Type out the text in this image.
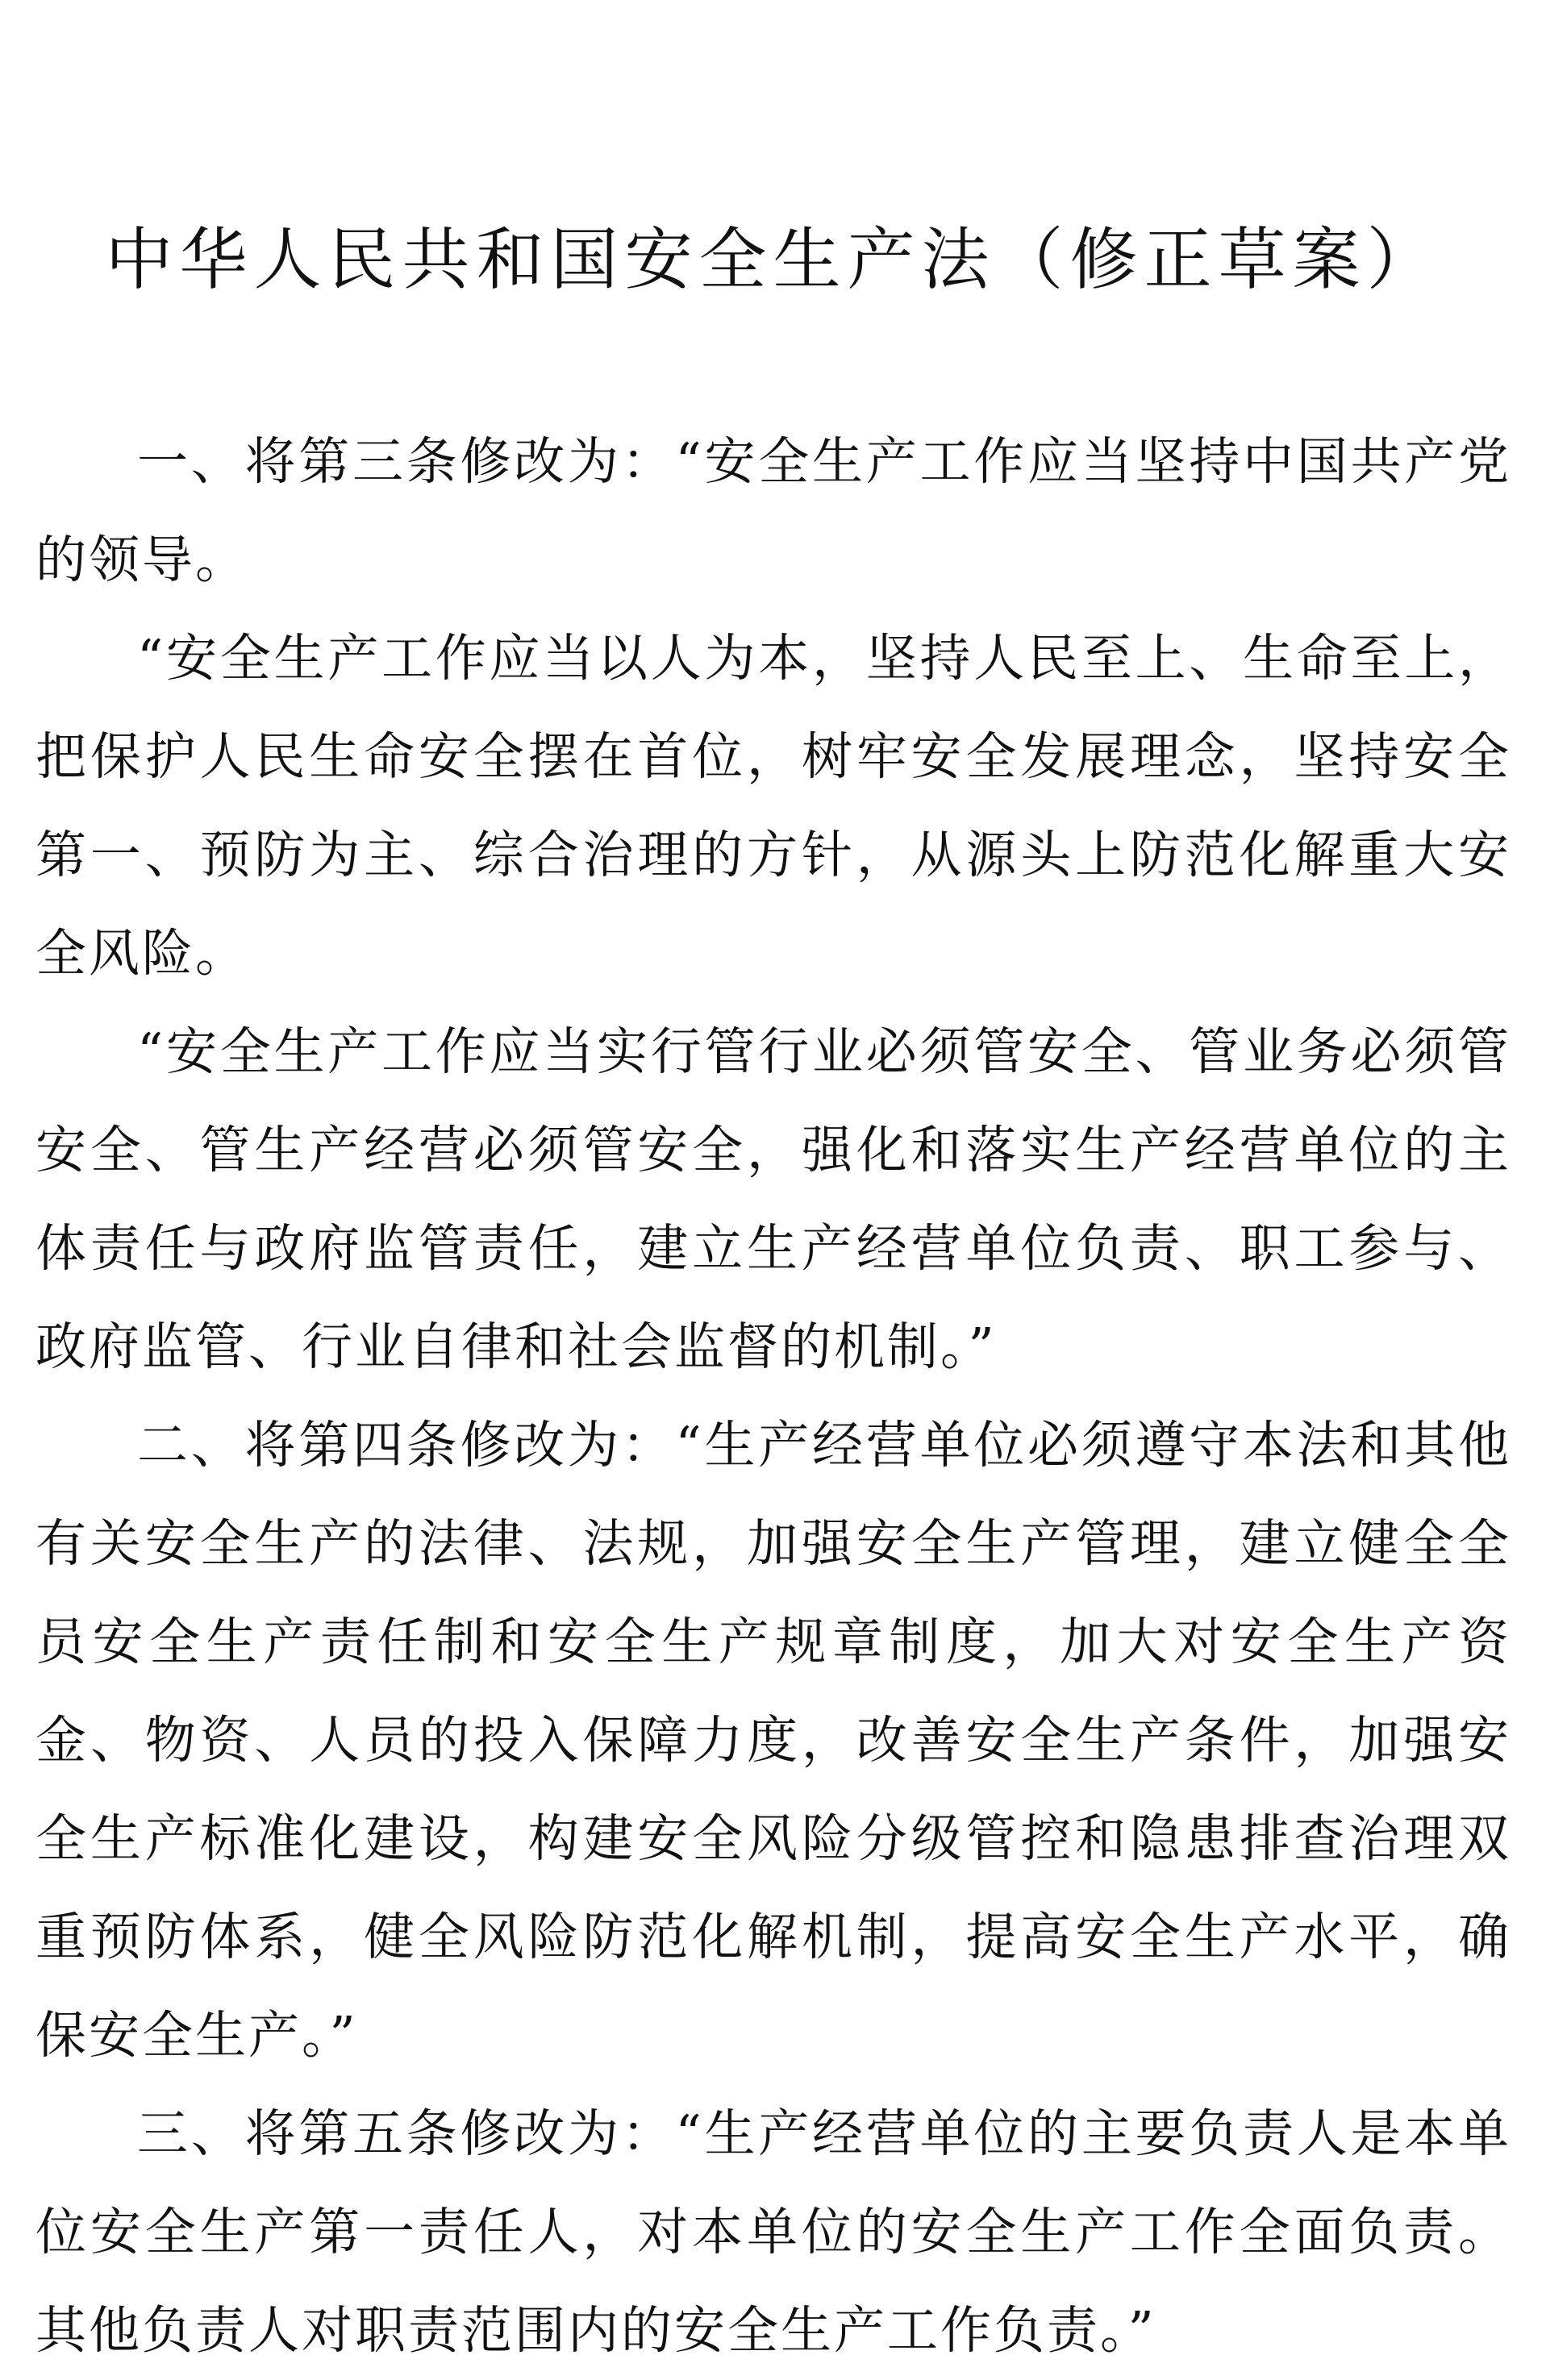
中华人民共和国安全生产法（修正草案）

一、将第三条修改为：“安全生产工作应当坚持中国共产党的领导。

“安全生产工作应当以人为本，坚持人民至上、生命至上，把保护人民生命安全摆在首位，树牢安全发展理念，坚持安全第一、预防为主、综合治理的方针，从源头上防范化解重大安全风险。

“安全生产工作应当实行管行业必须管安全、管业务必须管安全、管生产经营必须管安全，强化和落实生产经营单位的主体责任与政府监管责任，建立生产经营单位负责、职工参与、政府监管、行业自律和社会监督的机制。”

二、将第四条修改为：“生产经营单位必须遵守本法和其他有关安全生产的法律、法规，加强安全生产管理，建立健全全员安全生产责任制和安全生产规章制度，加大对安全生产资金、物资、人员的投入保障力度，改善安全生产条件，加强安全生产标准化建设，构建安全风险分级管控和隐患排查治理双重预防体系，健全风险防范化解机制，提高安全生产水平，确保安全生产。”

三、将第五条修改为：“生产经营单位的主要负责人是本单位安全生产第一责任人，对本单位的安全生产工作全面负责。其他负责人对职责范围内的安全生产工作负责。”
